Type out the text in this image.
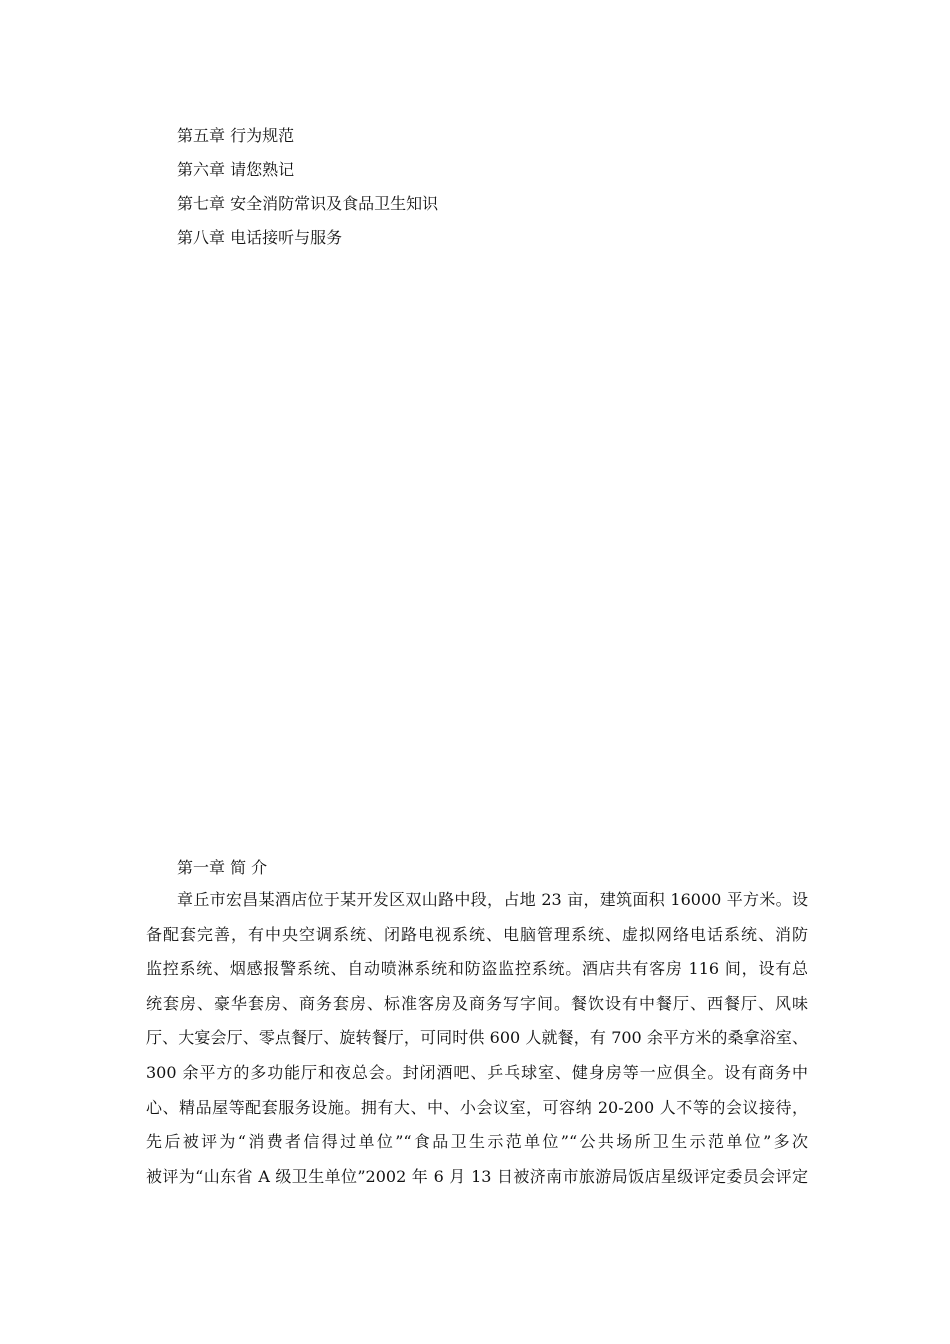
第五章 行为规范
第六章 请您熟记
第七章 安全消防常识及食品卫生知识
第八章 电话接听与服务
第一章 简 介
章丘市宏昌某酒店位于某开发区双山路中段，占地 23 亩，建筑面积 16000 平方米。设
备配套完善，有中央空调系统、闭路电视系统、电脑管理系统、虚拟网络电话系统、消防
监控系统、烟感报警系统、自动喷淋系统和防盗监控系统。酒店共有客房 116 间，设有总
统套房、豪华套房、商务套房、标准客房及商务写字间。餐饮设有中餐厅、西餐厅、风味
厅、大宴会厅、零点餐厅、旋转餐厅，可同时供 600 人就餐，有 700 余平方米的桑拿浴室、
300 余平方的多功能厅和夜总会。封闭酒吧、乒乓球室、健身房等一应俱全。设有商务中
心、精品屋等配套服务设施。拥有大、中、小会议室，可容纳 20-200 人不等的会议接待，
先后被评为“消费者信得过单位”“食品卫生示范单位”“公共场所卫生示范单位”多次
被评为“山东省 A 级卫生单位”2002 年 6 月 13 日被济南市旅游局饭店星级评定委员会评定
